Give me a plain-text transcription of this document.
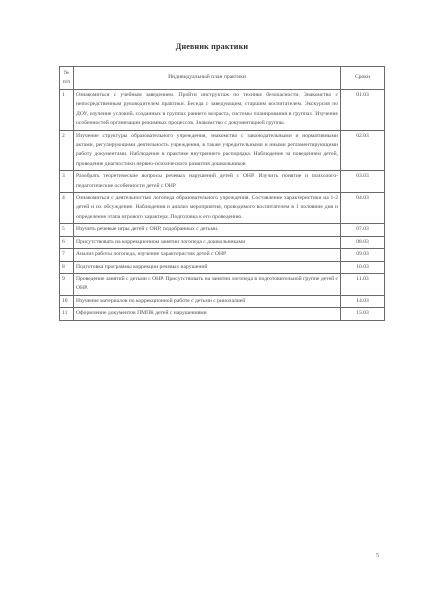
Дневник практики
№ п/п	Индивидуальный план практики	Сроки
1	Ознакомиться с учебным заведением. Пройти инструктаж по технике безопасности. Знакомство с непосредственным руководителем практики. Беседа с заведующим, старшим воспитателем. Экскурсия по ДОУ, изучение условий, созданных в группах раннего возраста, системы планирования в группах. Изучение особенностей организации режимных процессов. Знакомство с документацией группы.	01.03
2	Изучение структуры образовательного учреждения, знакомство с законодательными и нормативными актами, регулирующими деятельность учреждения, в также учредительными и иными регламентирующими работу документами. Наблюдение в практике внутреннего распорядка. Наблюдение за поведением детей, проведение диагностики нервно-психического развития дошкольников	02.03
3	Разобрать теоретические вопросы речевых нарушений детей с ОНР. Изучить понятие и психолого-педагогические особенности детей с ОНР	03.03
4	Ознакомиться с деятельностью логопеда образовательного учреждения. Составление характеристики на 1-2 детей и их обсуждение. Наблюдения и анализ мероприятия, проводимого воспитателем в 1 половине дня и определение этапа игрового характера. Подготовка к его проведению.	04.03
5	Изучить речевые игры детей с ОНР, подобранных с детьми.	07.03
6	Присутствовать на коррекционном занятии логопеда с дошкольниками	08.03
7	Анализ работы логопеда, изучение характеристик детей с ОНР	09.03
8	Подготовка программы коррекции речевых нарушений	10.03
9	Проведение занятий с детьми с ОНР. Присутствовать на занятии логопеда в подготовительной группе детей с ОНР.	11.03
10	Изучение материалов по коррекционной работе с детьми с ринолалией	14.03
11	Оформление документов ПМПК детей с нарушениями	15.03
5
